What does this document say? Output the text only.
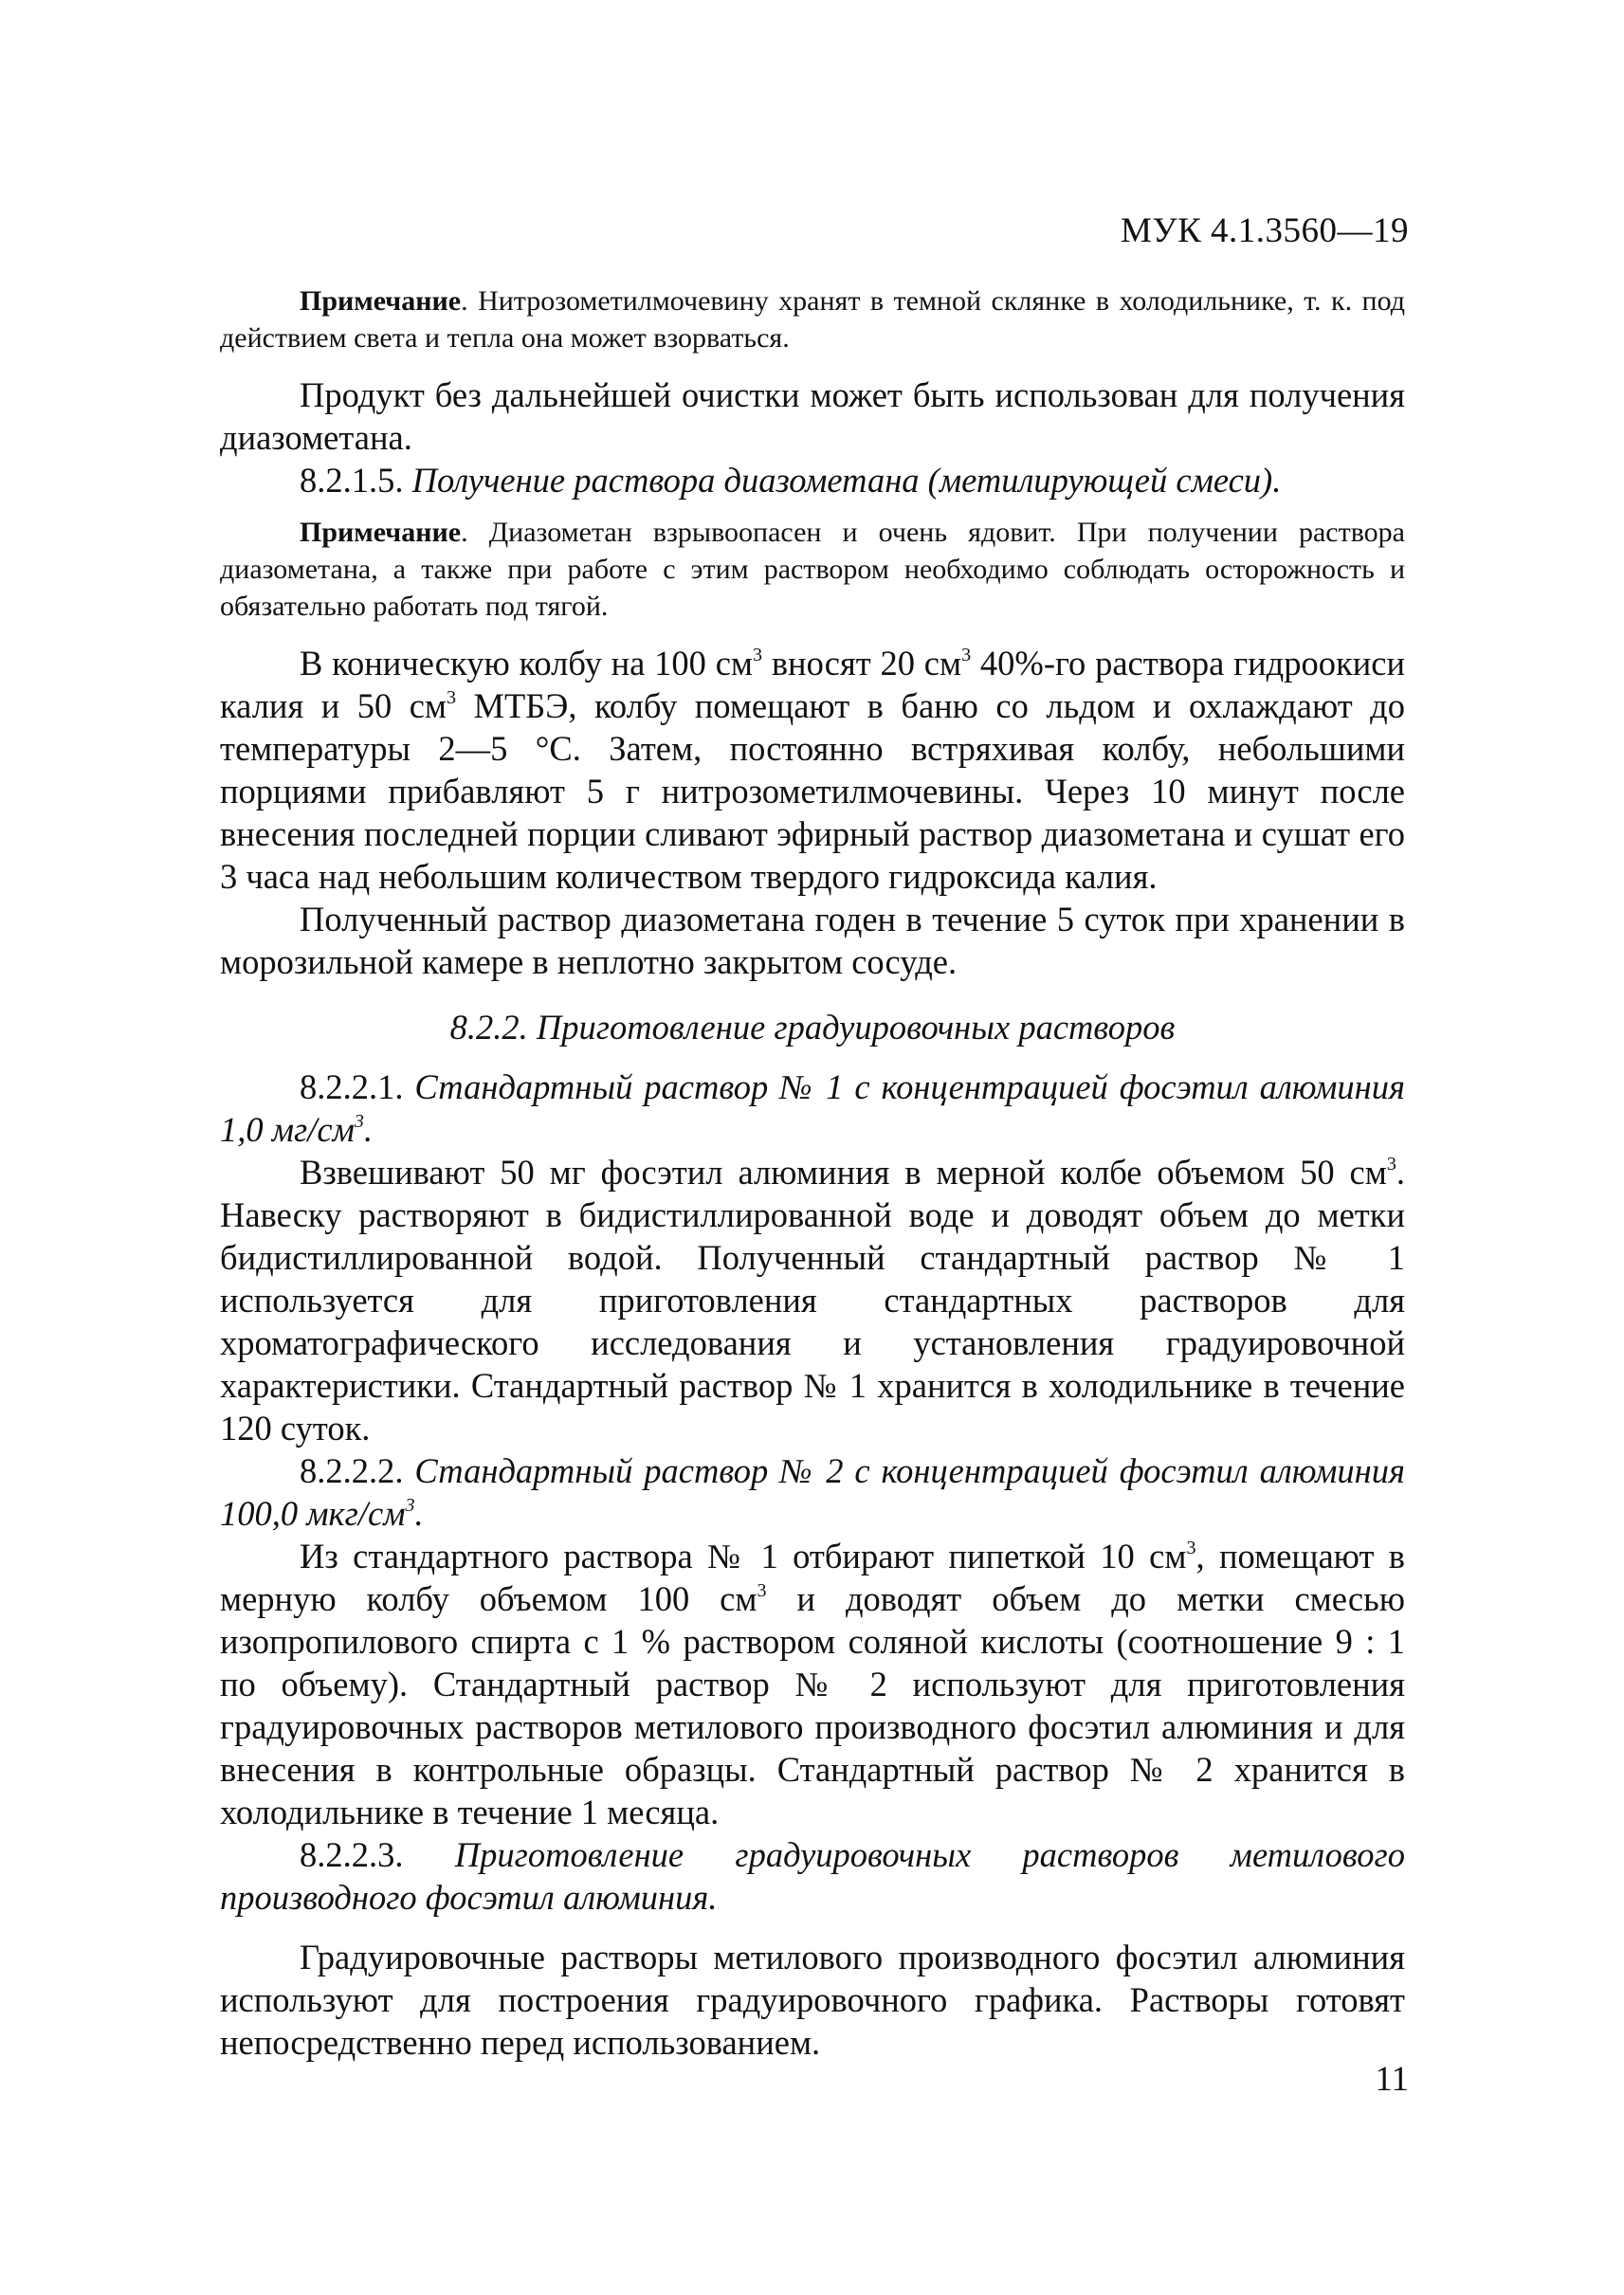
МУК 4.1.3560—19

Примечание. Нитрозометилмочевину хранят в темной склянке в холодильнике, т. к. под действием света и тепла она может взорваться.

Продукт без дальнейшей очистки может быть использован для получения диазометана.

8.2.1.5. Получение раствора диазометана (метилирующей смеси).

Примечание. Диазометан взрывоопасен и очень ядовит. При получении раствора диазометана, а также при работе с этим раствором необходимо соблюдать осторожность и обязательно работать под тягой.

В коническую колбу на 100 $см^3$ вносят 20 $см^3$ 40%-го раствора гидроокиси калия и 50 $см^3$ МТБЭ, колбу помещают в баню со льдом и охлаждают до температуры 2—5 °С. Затем, постоянно встряхивая колбу, небольшими порциями прибавляют 5 г нитрозометилмочевины. Через 10 минут после внесения последней порции сливают эфирный раствор диазометана и сушат его 3 часа над небольшим количеством твердого гидроксида калия.

Полученный раствор диазометана годен в течение 5 суток при хранении в морозильной камере в неплотно закрытом сосуде.

8.2.2. Приготовление градуировочных растворов

8.2.2.1. Стандартный раствор № 1 с концентрацией фосэтил алюминия 1,0 $мг/см^3$.

Взвешивают 50 мг фосэтил алюминия в мерной колбе объемом 50 $см^3$. Навеску растворяют в бидистиллированной воде и доводят объем до метки бидистиллированной водой. Полученный стандартный раствор № 1 используется для приготовления стандартных растворов для хроматографического исследования и установления градуировочной характеристики. Стандартный раствор № 1 хранится в холодильнике в течение 120 суток.

8.2.2.2. Стандартный раствор № 2 с концентрацией фосэтил алюминия 100,0 мкг/$см^3$.

Из стандартного раствора № 1 отбирают пипеткой 10 $см^3$, помещают в мерную колбу объемом 100 $см^3$ и доводят объем до метки смесью изопропилового спирта с 1 % раствором соляной кислоты (соотношение 9 : 1 по объему). Стандартный раствор № 2 используют для приготовления градуировочных растворов метилового производного фосэтил алюминия и для внесения в контрольные образцы. Стандартный раствор № 2 хранится в холодильнике в течение 1 месяца.

8.2.2.3. Приготовление градуировочных растворов метилового производного фосэтил алюминия.

Градуировочные растворы метилового производного фосэтил алюминия используют для построения градуировочного графика. Растворы готовят непосредственно перед использованием.

11
